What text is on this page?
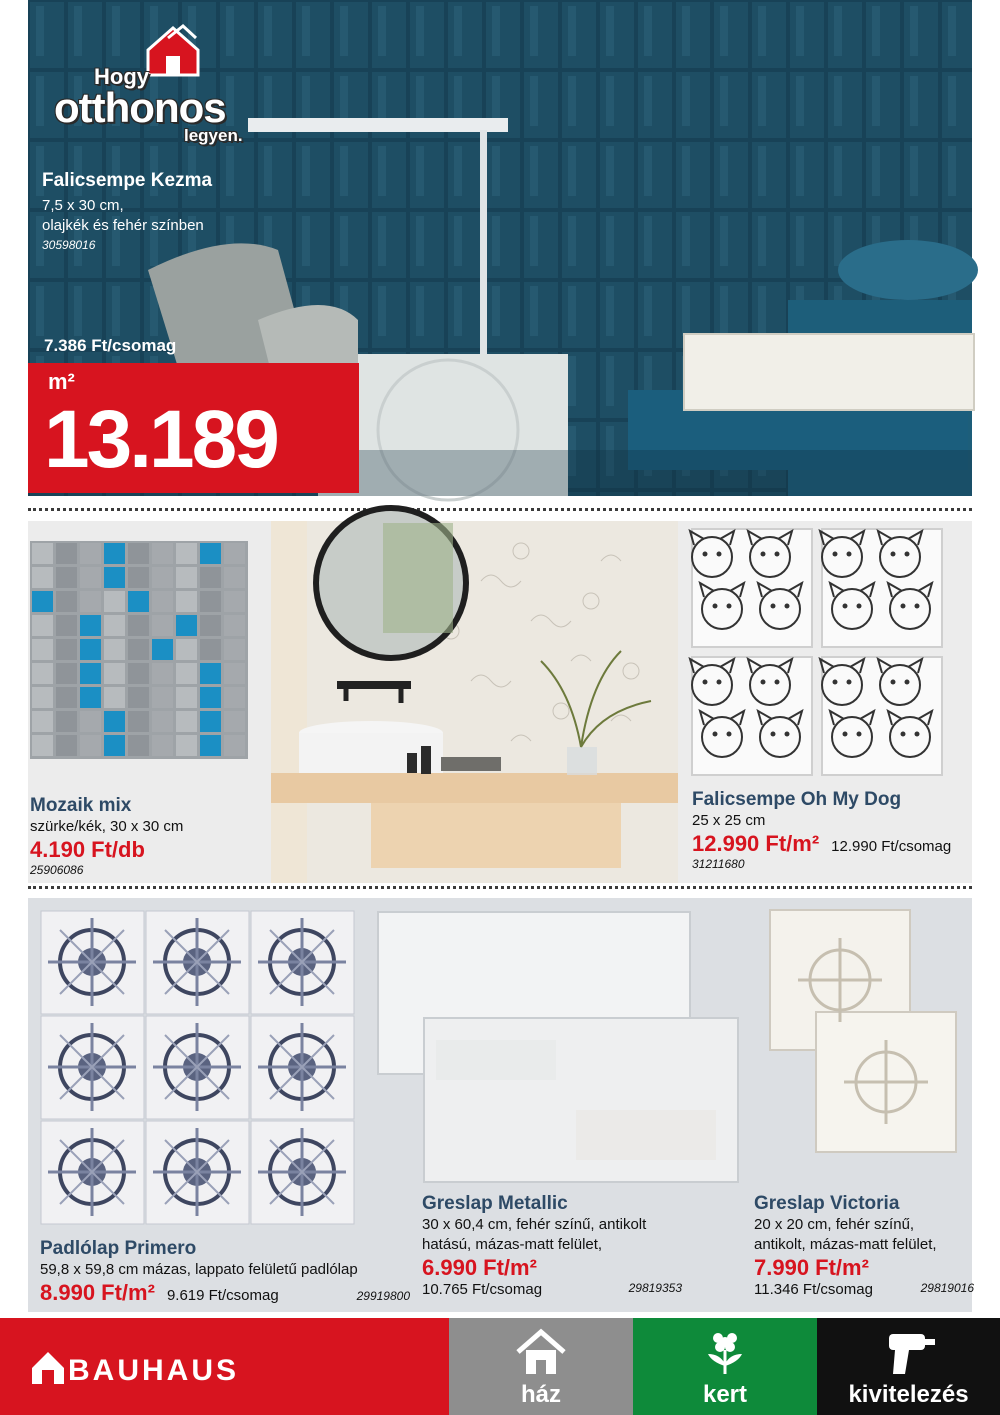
Hogy
otthonos
legyen.
Falicsempe Kezma
7,5 x 30 cm,
olajkék és fehér színben
30598016
7.386 Ft/csomag
m²
13.189
Mozaik mix
szürke/kék, 30 x 30 cm
4.190 Ft/db
25906086
Falicsempe Oh My Dog
25 x 25 cm
12.990 Ft/m² 12.990 Ft/csomag
31211680
Padlólap Primero
59,8 x 59,8 cm mázas, lappato felületű padlólap
8.990 Ft/m² 9.619 Ft/csomag	29919800
Greslap Metallic
30 x 60,4 cm, fehér színű, antikolt
hatású, mázas-matt felület,
6.990 Ft/m²
10.765 Ft/csomag	29819353
Greslap Victoria
20 x 20 cm, fehér színű,
antikolt, mázas-matt felület,
7.990 Ft/m²
11.346 Ft/csomag	29819016
BAUHAUS
ház	kert	kivitelezés
